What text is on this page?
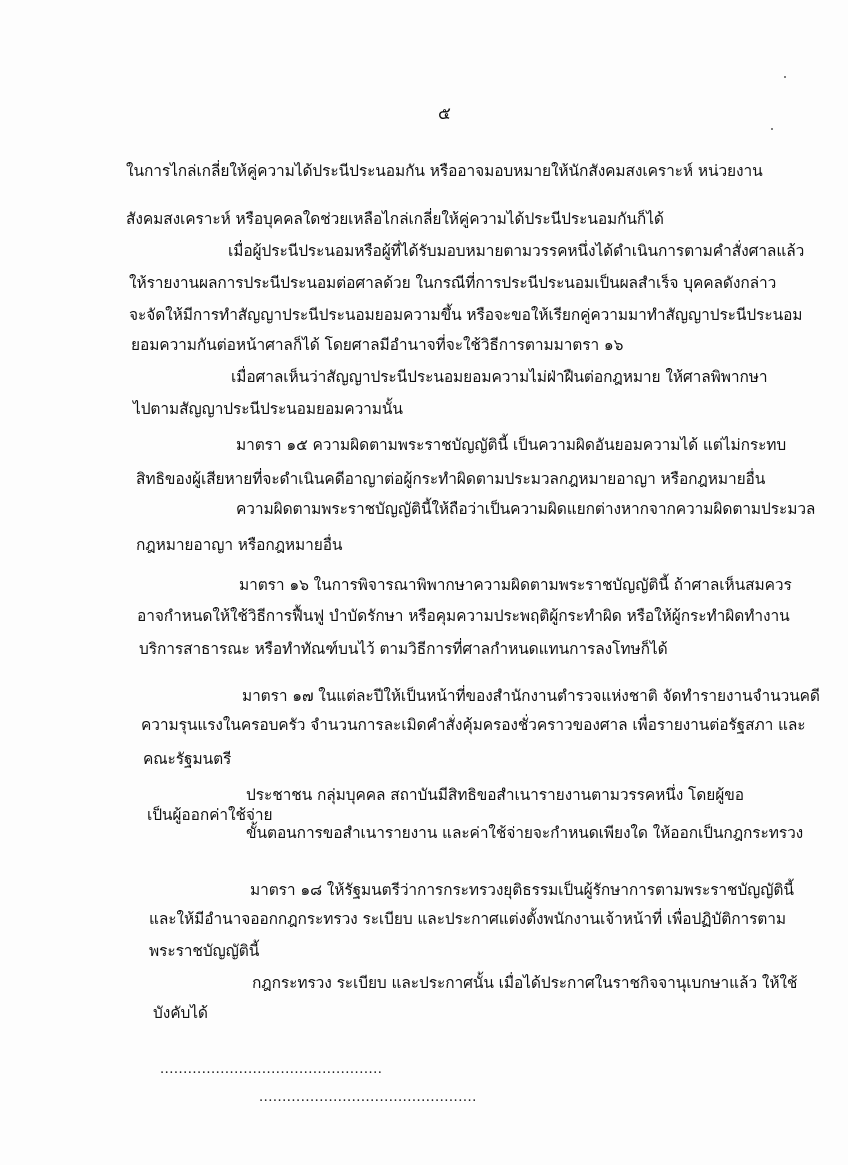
๕
ในการไกล่เกลี่ยให้คู่ความได้ประนีประนอมกัน หรืออาจมอบหมายให้นักสังคมสงเคราะห์ หน่วยงาน
สังคมสงเคราะห์ หรือบุคคลใดช่วยเหลือไกล่เกลี่ยให้คู่ความได้ประนีประนอมกันก็ได้
เมื่อผู้ประนีประนอมหรือผู้ที่ได้รับมอบหมายตามวรรคหนึ่งได้ดำเนินการตามคำสั่งศาลแล้ว
ให้รายงานผลการประนีประนอมต่อศาลด้วย ในกรณีที่การประนีประนอมเป็นผลสำเร็จ บุคคลดังกล่าว
จะจัดให้มีการทำสัญญาประนีประนอมยอมความขึ้น หรือจะขอให้เรียกคู่ความมาทำสัญญาประนีประนอม
ยอมความกันต่อหน้าศาลก็ได้ โดยศาลมีอำนาจที่จะใช้วิธีการตามมาตรา ๑๖
เมื่อศาลเห็นว่าสัญญาประนีประนอมยอมความไม่ฝ่าฝืนต่อกฎหมาย ให้ศาลพิพากษา
ไปตามสัญญาประนีประนอมยอมความนั้น
มาตรา ๑๕ ความผิดตามพระราชบัญญัตินี้ เป็นความผิดอันยอมความได้ แต่ไม่กระทบ
สิทธิของผู้เสียหายที่จะดำเนินคดีอาญาต่อผู้กระทำผิดตามประมวลกฎหมายอาญา หรือกฎหมายอื่น
ความผิดตามพระราชบัญญัตินี้ให้ถือว่าเป็นความผิดแยกต่างหากจากความผิดตามประมวล
กฎหมายอาญา หรือกฎหมายอื่น
มาตรา ๑๖ ในการพิจารณาพิพากษาความผิดตามพระราชบัญญัตินี้ ถ้าศาลเห็นสมควร
อาจกำหนดให้ใช้วิธีการฟื้นฟู บำบัดรักษา หรือคุมความประพฤติผู้กระทำผิด หรือให้ผู้กระทำผิดทำงาน
บริการสาธารณะ หรือทำทัณฑ์บนไว้ ตามวิธีการที่ศาลกำหนดแทนการลงโทษก็ได้
มาตรา ๑๗ ในแต่ละปีให้เป็นหน้าที่ของสำนักงานตำรวจแห่งชาติ จัดทำรายงานจำนวนคดี
ความรุนแรงในครอบครัว จำนวนการละเมิดคำสั่งคุ้มครองชั่วคราวของศาล เพื่อรายงานต่อรัฐสภา และ
คณะรัฐมนตรี
ประชาชน กลุ่มบุคคล สถาบันมีสิทธิขอสำเนารายงานตามวรรคหนึ่ง โดยผู้ขอ
เป็นผู้ออกค่าใช้จ่าย
ขั้นตอนการขอสำเนารายงาน และค่าใช้จ่ายจะกำหนดเพียงใด ให้ออกเป็นกฎกระทรวง
มาตรา ๑๘ ให้รัฐมนตรีว่าการกระทรวงยุติธรรมเป็นผู้รักษาการตามพระราชบัญญัตินี้
และให้มีอำนาจออกกฎกระทรวง ระเบียบ และประกาศแต่งตั้งพนักงานเจ้าหน้าที่ เพื่อปฏิบัติการตาม
พระราชบัญญัตินี้
กฎกระทรวง ระเบียบ และประกาศนั้น เมื่อได้ประกาศในราชกิจจานุเบกษาแล้ว ให้ใช้
บังคับได้
................................................
...............................................
